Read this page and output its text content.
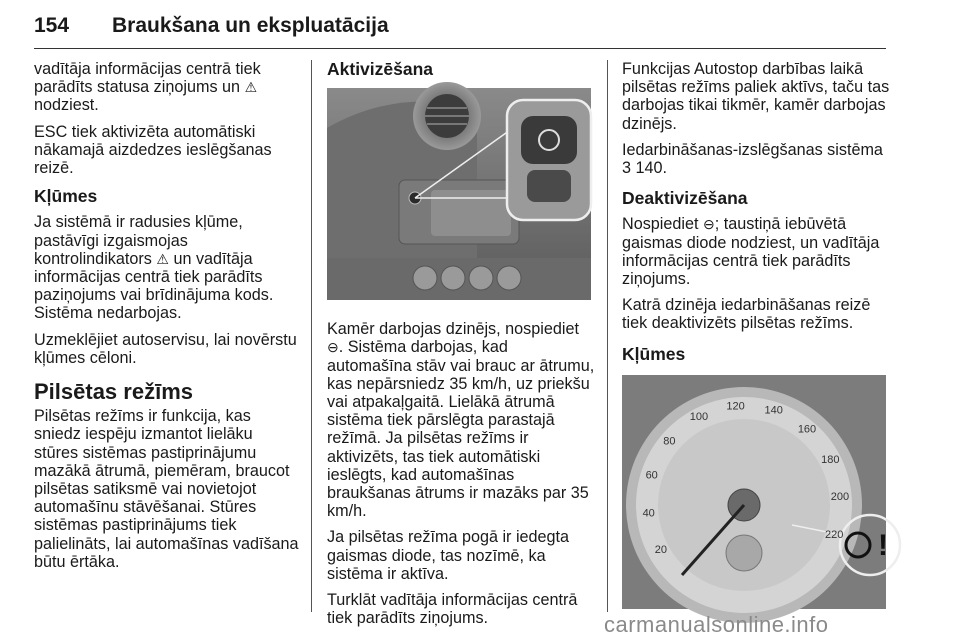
154 Braukšana un ekspluatācija

vadītāja informācijas centrā tiek parādīts statusa ziņojums un ⚠
nodziest.

ESC tiek aktivizēta automātiski nākamajā aizdedzes ieslēgšanas reizē.

Kļūmes

Ja sistēmā ir radusies kļūme, pastāvīgi izgaismojas kontrolindikators ⚠ un vadītāja informācijas centrā tiek parādīts paziņojums vai brīdinājuma kods. Sistēma nedarbojas.

Uzmeklējiet autoservisu, lai novērstu kļūmes cēloni.

Pilsētas režīms

Pilsētas režīms ir funkcija, kas sniedz iespēju izmantot lielāku stūres sistēmas pastiprinājumu mazākā ātrumā, piemēram, braucot pilsētas satiksmē vai novietojot automašīnu stāvēšanai. Stūres sistēmas pastiprinājums tiek palielināts, lai automašīnas vadīšana būtu ērtāka.

Aktivizēšana

Kamēr darbojas dzinējs, nospiediet
⊖. Sistēma darbojas, kad automašīna stāv vai brauc ar ātrumu, kas nepārsniedz 35 km/h, uz priekšu vai atpakaļgaitā. Lielākā ātrumā sistēma tiek pārslēgta parastajā režīmā. Ja pilsētas režīms ir aktivizēts, tas tiek automātiski ieslēgts, kad automašīnas braukšanas ātrums ir mazāks par 35 km/h.

Ja pilsētas režīma pogā ir iedegta gaismas diode, tas nozīmē, ka sistēma ir aktīva.

Turklāt vadītāja informācijas centrā tiek parādīts ziņojums.

Funkcijas Autostop darbības laikā pilsētas režīms paliek aktīvs, taču tas darbojas tikai tikmēr, kamēr darbojas dzinējs.

Iedarbināšanas-izslēgšanas sistēma
3 140.

Deaktivizēšana

Nospiediet ⊖; taustiņā iebūvētā gaismas diode nodziest, un vadītāja informācijas centrā tiek parādīts ziņojums.

Katrā dzinēja iedarbināšanas reizē tiek deaktivizēts pilsētas režīms.

Kļūmes
!
20
40
60
80
100
120 140
160
180
200
220
carmanualsonline.info
